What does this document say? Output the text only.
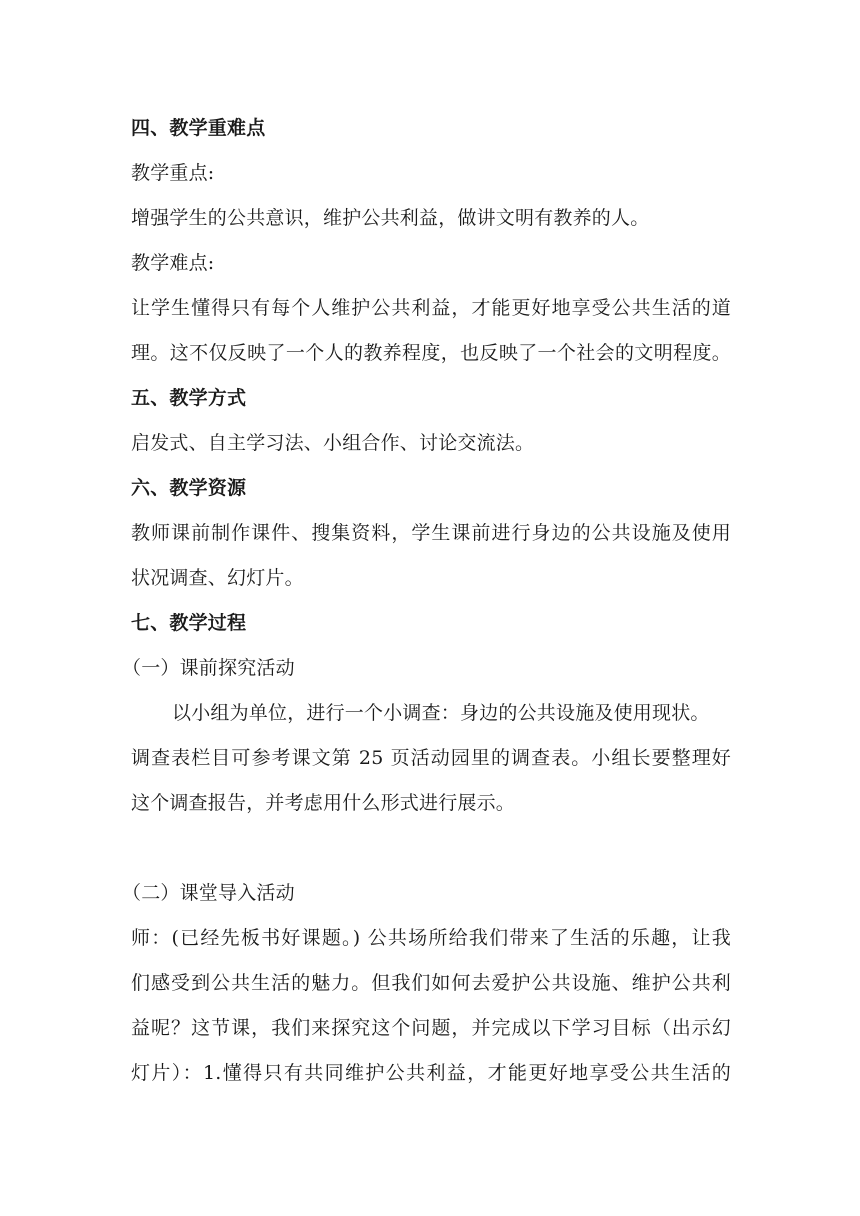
四、教学重难点
教学重点:
增强学生的公共意识，维护公共利益，做讲文明有教养的人。
教学难点:
让学生懂得只有每个人维护公共利益，才能更好地享受公共生活的道
理。这不仅反映了一个人的教养程度，也反映了一个社会的文明程度。
五、教学方式
启发式、自主学习法、小组合作、讨论交流法。
六、教学资源
教师课前制作课件、搜集资料，学生课前进行身边的公共设施及使用
状况调查、幻灯片。
七、教学过程
（一）课前探究活动
以小组为单位，进行一个小调查：身边的公共设施及使用现状。
调查表栏目可参考课文第 25 页活动园里的调查表。小组长要整理好
这个调查报告，并考虑用什么形式进行展示。
（二）课堂导入活动
师：(已经先板书好课题。) 公共场所给我们带来了生活的乐趣，让我
们感受到公共生活的魅力。但我们如何去爱护公共设施、维护公共利
益呢？这节课，我们来探究这个问题，并完成以下学习目标（出示幻
灯片）：1.懂得只有共同维护公共利益，才能更好地享受公共生活的
